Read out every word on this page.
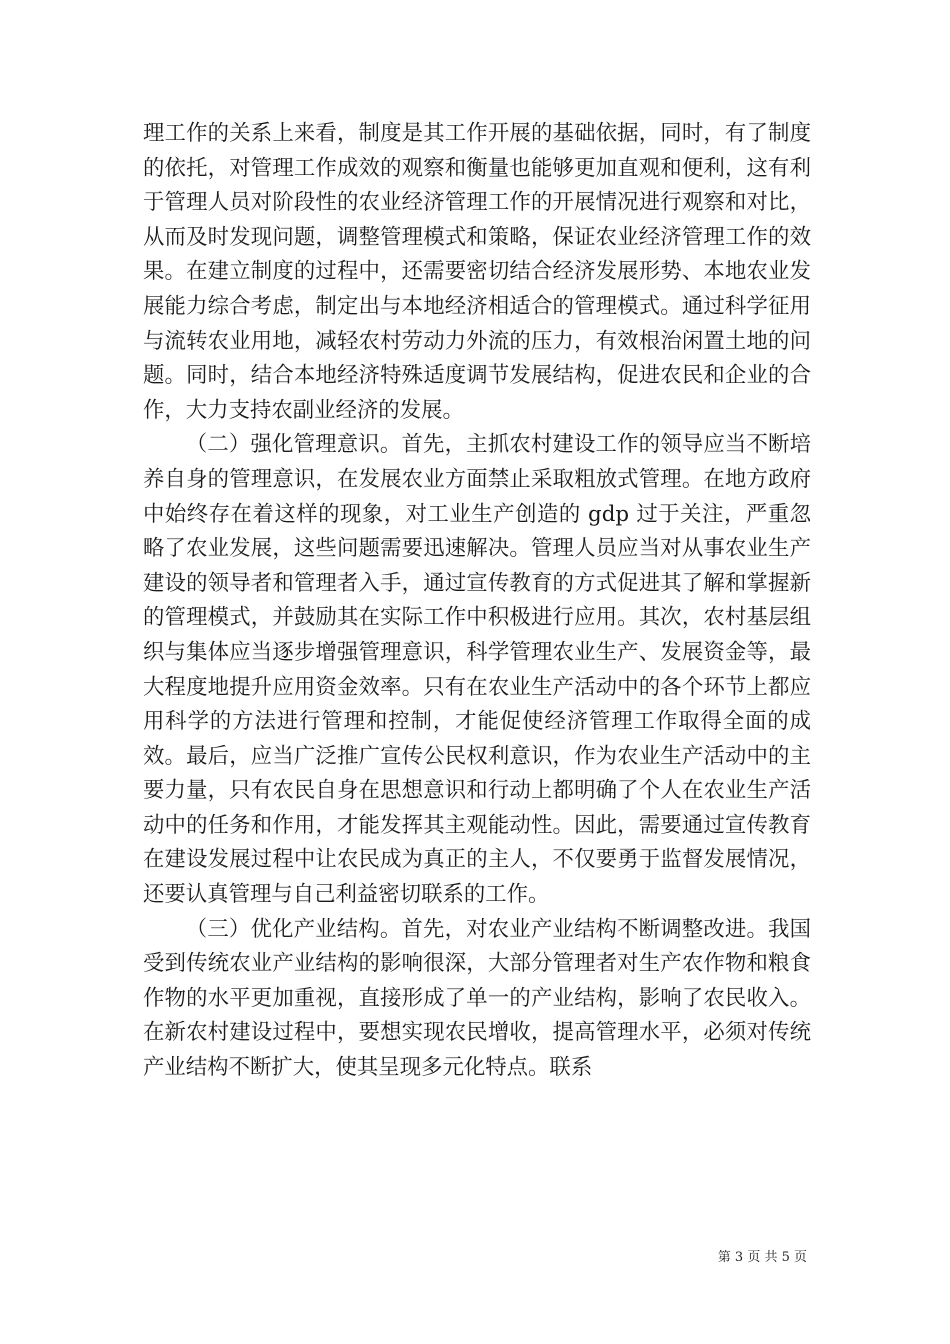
理工作的关系上来看，制度是其工作开展的基础依据，同时，有了制度的依托，对管理工作成效的观察和衡量也能够更加直观和便利，这有利于管理人员对阶段性的农业经济管理工作的开展情况进行观察和对比，从而及时发现问题，调整管理模式和策略，保证农业经济管理工作的效果。在建立制度的过程中，还需要密切结合经济发展形势、本地农业发展能力综合考虑，制定出与本地经济相适合的管理模式。通过科学征用与流转农业用地，减轻农村劳动力外流的压力，有效根治闲置土地的问题。同时，结合本地经济特殊适度调节发展结构，促进农民和企业的合作，大力支持农副业经济的发展。

（二）强化管理意识。首先，主抓农村建设工作的领导应当不断培养自身的管理意识，在发展农业方面禁止采取粗放式管理。在地方政府中始终存在着这样的现象，对工业生产创造的 gdp 过于关注，严重忽略了农业发展，这些问题需要迅速解决。管理人员应当对从事农业生产建设的领导者和管理者入手，通过宣传教育的方式促进其了解和掌握新的管理模式，并鼓励其在实际工作中积极进行应用。其次，农村基层组织与集体应当逐步增强管理意识，科学管理农业生产、发展资金等，最大程度地提升应用资金效率。只有在农业生产活动中的各个环节上都应用科学的方法进行管理和控制，才能促使经济管理工作取得全面的成效。最后，应当广泛推广宣传公民权利意识，作为农业生产活动中的主要力量，只有农民自身在思想意识和行动上都明确了个人在农业生产活动中的任务和作用，才能发挥其主观能动性。因此，需要通过宣传教育在建设发展过程中让农民成为真正的主人，不仅要勇于监督发展情况，还要认真管理与自己利益密切联系的工作。

（三）优化产业结构。首先，对农业产业结构不断调整改进。我国受到传统农业产业结构的影响很深，大部分管理者对生产农作物和粮食作物的水平更加重视，直接形成了单一的产业结构，影响了农民收入。在新农村建设过程中，要想实现农民增收，提高管理水平，必须对传统产业结构不断扩大，使其呈现多元化特点。联系

第 3 页 共 5 页
